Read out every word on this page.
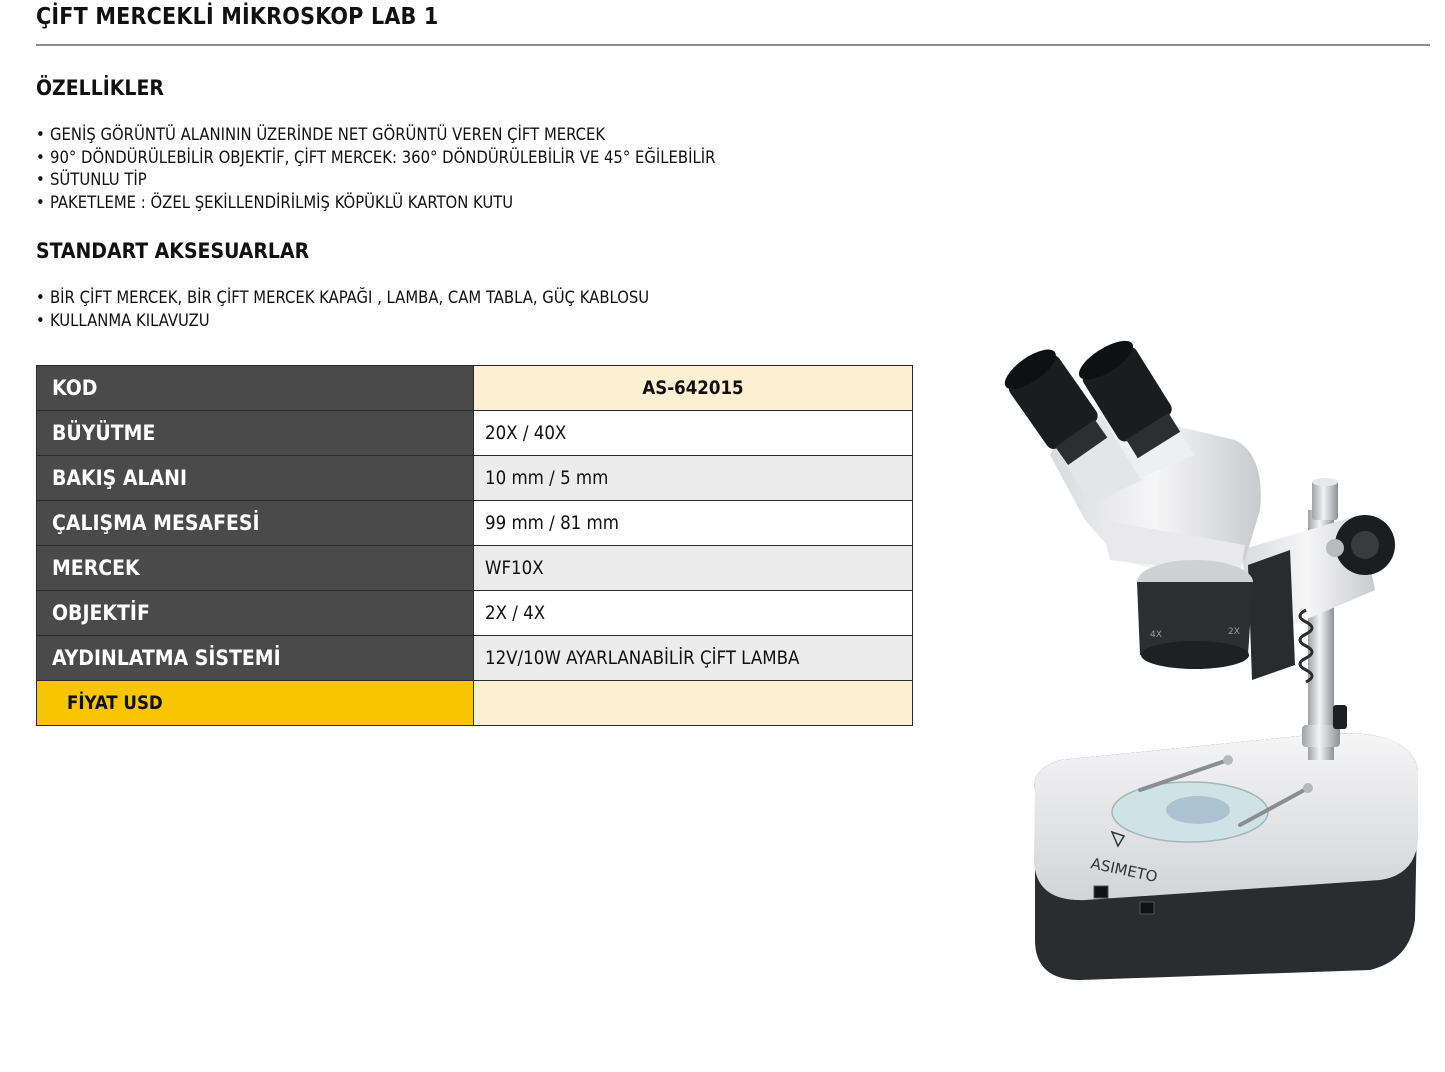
ÇİFT MERCEKLİ MİKROSKOP LAB 1
ÖZELLİKLER
• GENİŞ GÖRÜNTÜ ALANININ ÜZERİNDE NET GÖRÜNTÜ VEREN ÇİFT MERCEK
• 90° DÖNDÜRÜLEBİLİR OBJEKTİF, ÇİFT MERCEK: 360° DÖNDÜRÜLEBİLİR VE 45° EĞİLEBİLİR
• SÜTUNLU TİP
• PAKETLEME : ÖZEL ŞEKİLLENDİRİLMİŞ KÖPÜKLÜ KARTON KUTU
STANDART AKSESUARLAR
• BİR ÇİFT MERCEK, BİR ÇİFT MERCEK KAPAĞI , LAMBA, CAM TABLA, GÜÇ KABLOSU
• KULLANMA KILAVUZU
KOD	AS-642015
BÜYÜTME	20X / 40X
BAKIŞ ALANI	10 mm / 5 mm
ÇALIŞMA MESAFESİ	99 mm / 81 mm
MERCEK	WF10X
OBJEKTİF	2X / 4X
AYDINLATMA SİSTEMİ	12V/10W AYARLANABİLİR ÇİFT LAMBA
FİYAT USD	
ASIMETO
4X	2X
